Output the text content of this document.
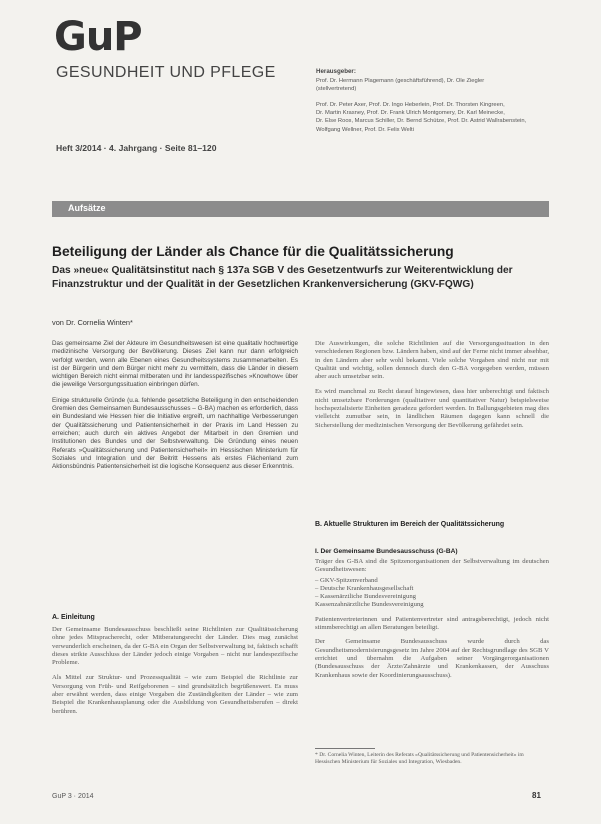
GuP
GESUNDHEIT UND PFLEGE
Heft 3/2014 · 4. Jahrgang · Seite 81–120
Herausgeber:
Prof. Dr. Hermann Plagemann (geschäftsführend), Dr. Ole Ziegler
(stellvertretend)
Prof. Dr. Peter Axer, Prof. Dr. Ingo Heberlein, Prof. Dr. Thorsten Kingreen,
Dr. Martin Krasney, Prof. Dr. Frank Ulrich Montgomery, Dr. Karl Meinecke,
Dr. Else Roos, Marcus Schiller, Dr. Bernd Schütze, Prof. Dr. Astrid Wallrabenstein,
Wolfgang Wellner, Prof. Dr. Felix Welti
Aufsätze
Beteiligung der Länder als Chance für die Qualitätssicherung
Das »neue« Qualitätsinstitut nach § 137a SGB V des Gesetzentwurfs zur Weiterentwicklung der Finanzstruktur und der Qualität in der Gesetzlichen Krankenversicherung (GKV-FQWG)
von Dr. Cornelia Winten*

Das gemeinsame Ziel der Akteure im Gesundheitswesen ist eine qualitativ hochwertige medizinische Versorgung der Bevölkerung. Dieses Ziel kann nur dann erfolgreich verfolgt werden, wenn alle Ebenen eines Gesundheitssystems zusammenarbeiten. Es ist der Bürgerin und dem Bürger nicht mehr zu vermitteln, dass die Länder in diesem wichtigen Bereich nicht einmal mitberaten und ihr landesspezifisches »Knowhow« über die jeweilige Versorgungssituation einbringen dürfen.

Einige strukturelle Gründe (u.a. fehlende gesetzliche Beteiligung in den entscheidenden Gremien des Gemeinsamen Bundesausschusses – G-BA) machen es erforderlich, dass ein Bundesland wie Hessen hier die Initiative ergreift, um nachhaltige Verbesserungen der Qualitätssicherung und Patientensicherheit in der Praxis im Land Hessen zu erreichen; auch durch ein aktives Angebot der Mitarbeit in den Gremien und Institutionen des Bundes und der Selbstverwaltung. Die Gründung eines neuen Referats »Qualitätssicherung und Patientensicherheit« im Hessischen Ministerium für Soziales und Integration und der Beitritt Hessens als erstes Flächenland zum Aktionsbündnis Patientensicherheit ist die logische Konsequenz aus dieser Erkenntnis.

A. Einleitung

Der Gemeinsame Bundesausschuss beschließt seine Richtlinien zur Qualitätssicherung ohne jedes Mitspracherecht, oder Mitberatungsrecht der Länder. Dies mag zunächst verwunderlich erscheinen, da der G-BA ein Organ der Selbstverwaltung ist, faktisch schafft dieses strikte Ausschluss der Länder jedoch einige Vorgaben – nicht nur landespezifische Probleme.

Als Mittel zur Struktur- und Prozessqualität – wie zum Beispiel die Richtlinie zur Versorgung von Früh- und Reifgeborenen – sind grundsätzlich begrüßenswert. Es muss aber erwähnt werden, dass einige Vorgaben die Zuständigkeiten der Länder – wie zum Beispiel die Krankenhausplanung oder die Ausbildung von Gesundheitsberufen – direkt berühren.

Die Auswirkungen, die solche Richtlinien auf die Versorgungssituation in den verschiedenen Regionen bzw. Ländern haben, sind auf der Ferne nicht immer absehbar, in den Ländern aber sehr wohl bekannt. Viele solche Vorgaben sind nicht nur mit Qualität und wichtig, sollen dennoch durch den G-BA vorgegeben werden, müssen aber auch umsetzbar sein.

Es wird manchmal zu Recht darauf hingewiesen, dass hier unberechtigt und faktisch nicht umsetzbare Forderungen (qualitativer und quantitativer Natur) beispielsweise hochspezialisierte Einheiten geradezu gefordert werden. In Ballungsgebieten mag dies vielleicht zumutbar sein, in ländlichen Räumen dagegen kann schnell die Sicherstellung der medizinischen Versorgung der Bevölkerung gefährdet sein.

B. Aktuelle Strukturen im Bereich der Qualitätssicherung
I. Der Gemeinsame Bundesausschuss (G-BA)

Träger des G-BA sind die Spitzenorganisationen der Selbstverwaltung im deutschen Gesundheitswesen:

– GKV-Spitzenverband
– Deutsche Krankenhausgesellschaft
– Kassenärztliche Bundesvereinigung
Kassenzahnärztliche Bundesvereinigung

Patientenvertreterinnen und Patientenvertreter sind antragsberechtigt, jedoch nicht stimmberechtigt an allen Beratungen beteiligt.

Der Gemeinsame Bundesausschuss wurde durch das Gesundheitsmodernisierungsgesetz im Jahre 2004 auf der Rechtsgrundlage des SGB V errichtet und übernahm die Aufgaben seiner Vorgängerorganisationen (Bundesausschuss der Ärzte/Zahnärzte und Krankenkassen, der Ausschuss Krankenhaus sowie der Koordinierungsausschuss).

* Dr. Cornelia Winten, Leiterin des Referats »Qualitätssicherung und Patientensicherheit« im Hessischen Ministerium für Soziales und Integration, Wiesbaden.
GuP 3 · 2014	81
